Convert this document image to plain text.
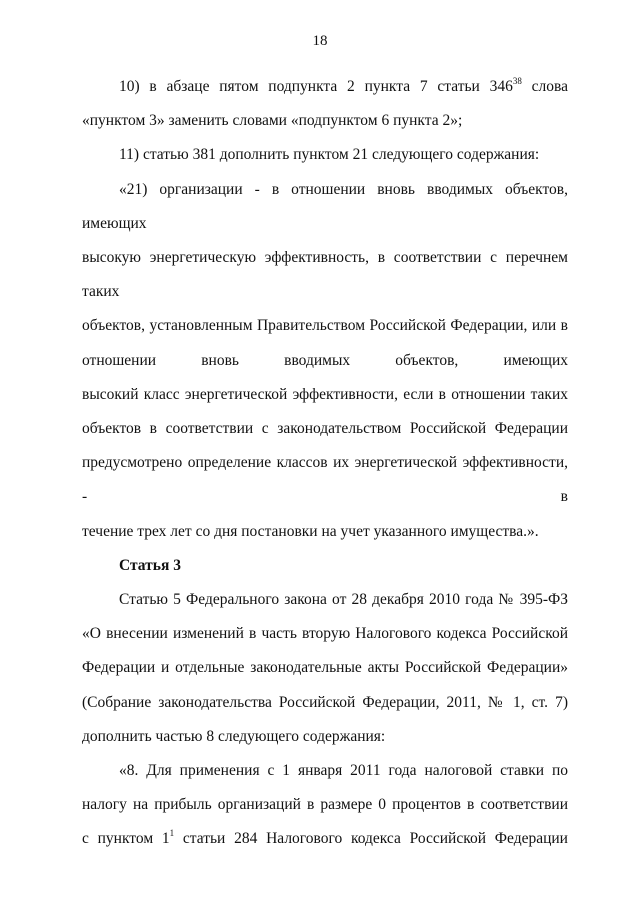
18

10) в абзаце пятом подпункта 2 пункта 7 статьи $346^{38}$ слова

«пунктом 3» заменить словами «подпунктом 6 пункта 2»;

11) статью 381 дополнить пунктом 21 следующего содержания:

«21) организации - в отношении вновь вводимых объектов, имеющих

высокую энергетическую эффективность, в соответствии с перечнем таких

объектов, установленным Правительством Российской Федерации, или в

отношении вновь вводимых объектов, имеющих

высокий класс энергетической эффективности, если в отношении таких

объектов в соответствии с законодательством Российской Федерации

предусмотрено определение классов их энергетической эффективности, - в

течение трех лет со дня постановки на учет указанного имущества.».

Статья 3

Статью 5 Федерального закона от 28 декабря 2010 года № 395-ФЗ

«О внесении изменений в часть вторую Налогового кодекса Российской

Федерации и отдельные законодательные акты Российской Федерации»

(Собрание законодательства Российской Федерации, 2011, № 1, ст. 7)

дополнить частью 8 следующего содержания:

«8. Для применения с 1 января 2011 года налоговой ставки по

налогу на прибыль организаций в размере 0 процентов в соответствии

с пунктом $1^1$ статьи 284 Налогового кодекса Российской Федерации
